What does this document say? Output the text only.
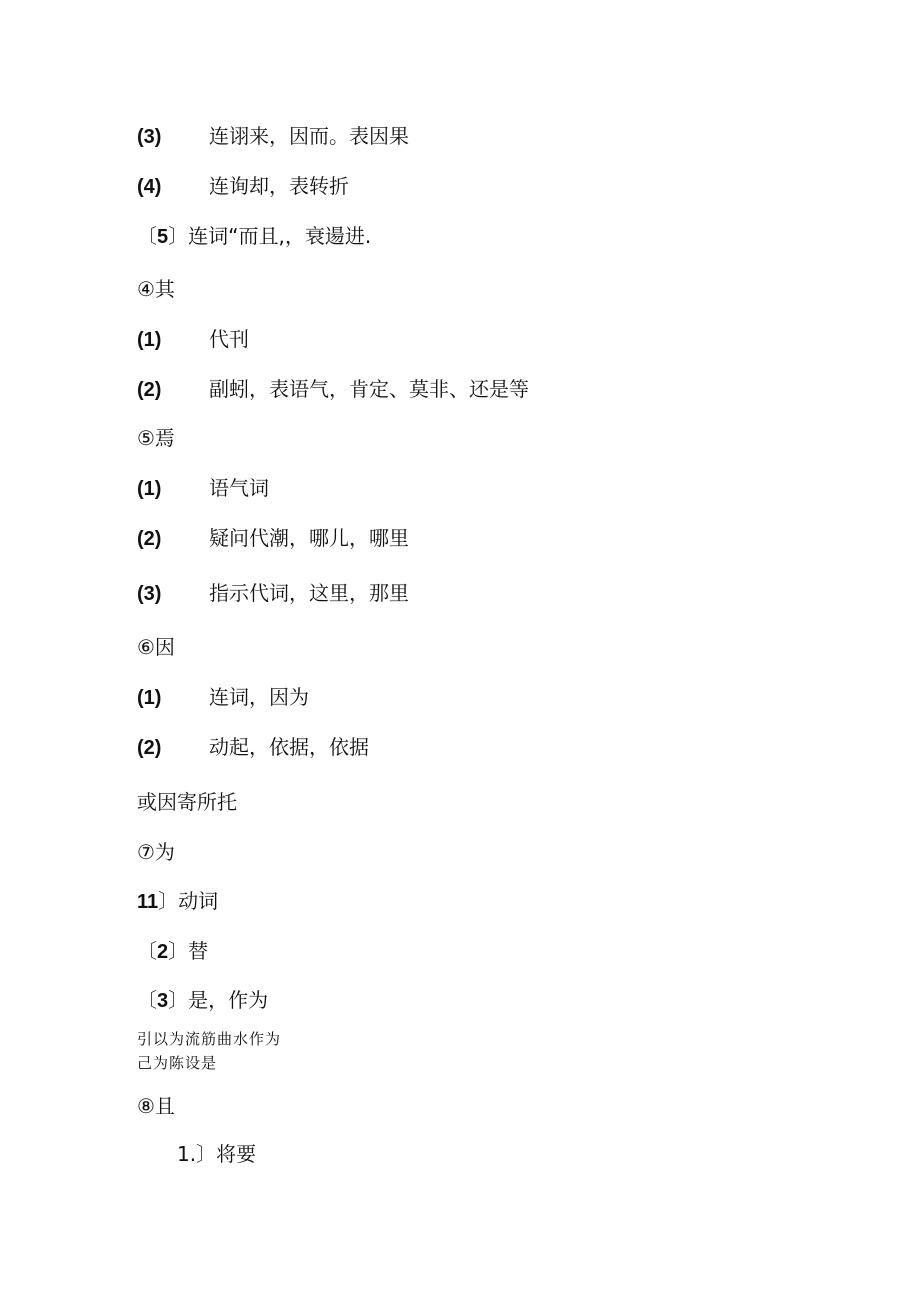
(3) 连诩来，因而。表因果
(4) 连询却，表转折
〔5〕连词“而且,，衰逿进.
④其
(1) 代刊
(2) 副蚓，表语气，肯定、莫非、还是等
⑤焉
(1) 语气词
(2) 疑问代潮，哪儿，哪里
(3) 指示代词，这里，那里
⑥因
(1) 连词，因为
(2) 动起，依据，依据
或因寄所托
⑦为
11〕动词
〔2〕替
〔3〕是，作为
引以为流筋曲水作为
己为陈设是
⑧且
1.〕将要
